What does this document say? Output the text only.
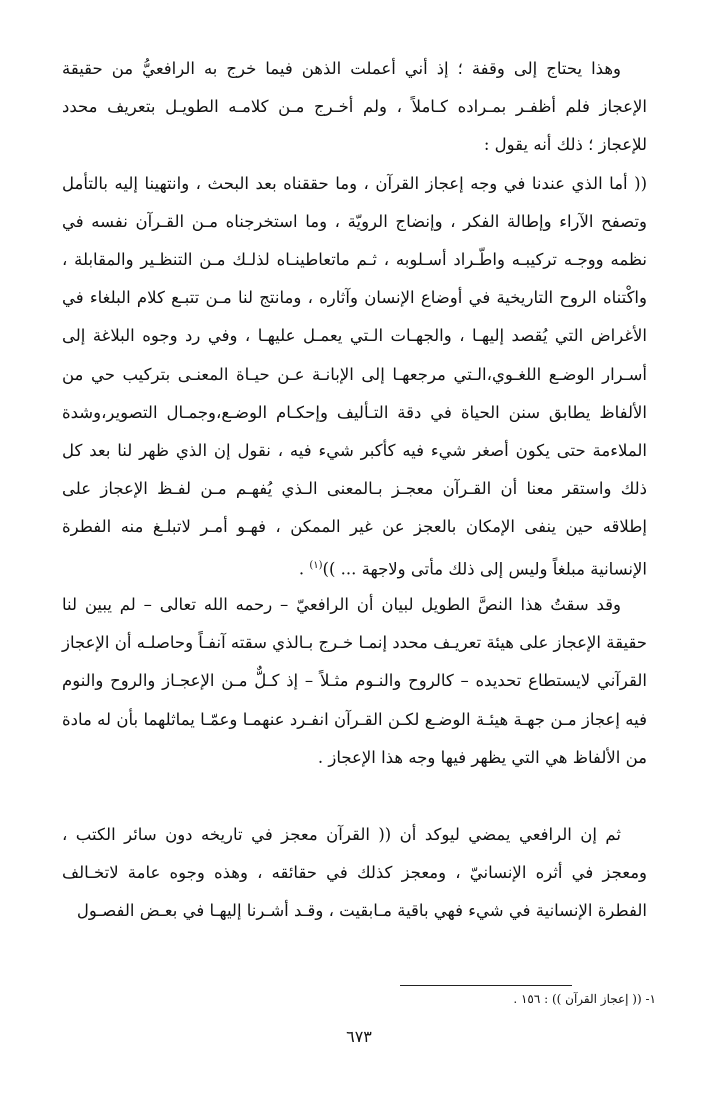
وهذا يحتاج إلى وقفة ؛ إذ أني أعملت الذهن فيما خرج به الرافعيُّ من حقيقة الإعجاز فلم أظفـر بمـراده كـاملاً ، ولم أخـرج مـن كلامـه الطويـل بتعريف محدد للإعجاز ؛ ذلك أنه يقول :
(( أما الذي عندنا في وجه إعجاز القرآن ، وما حققناه بعد البحث ، وانتهينا إليه بالتأمل وتصفح الآراء وإطالة الفكر ، وإنضاج الرويّة ، وما استخرجناه مـن القـرآن نفسه في نظمه ووجـه تركيبـه واطّـراد أسـلوبه ، ثـم ماتعاطينـاه لذلـك مـن التنظـير والمقابلة ، واكْتناه الروح التاريخية في أوضاع الإنسان وآثاره ، ومانتج لنا مـن تتبـع كلام البلغاء في الأغراض التي يُقصد إليهـا ، والجهـات الـتي يعمـل عليهـا ، وفي رد وجوه البلاغة إلى أسـرار الوضـع اللغـوي،الـتي مرجعهـا إلى الإبانـة عـن حيـاة المعنـى بتركيب حي من الألفاظ يطابق سنن الحياة في دقة التـأليف وإحكـام الوضـع،وجمـال التصوير،وشدة الملاءمة حتى يكون أصغر شيء فيه كأكبر شيء فيه ، نقول إن الذي ظهر لنا بعد كل ذلك واستقر معنا أن القـرآن معجـز بـالمعنى الـذي يُفهـم مـن لفـظ الإعجاز على إطلاقه حين ينفى الإمكان بالعجز عن غير الممكن ، فهـو أمـر لاتبلـغ منه الفطرة الإنسانية مبلغاً وليس إلى ذلك مأتى ولاجهة ... ))$^{(١)}$ .

وقد سقتُ هذا النصَّ الطويل لبيان أن الرافعيّ – رحمه الله تعالى – لم يبين لنا حقيقة الإعجاز على هيئة تعريـف محدد إنمـا خـرج بـالذي سقته آنفـاً وحاصلـه أن الإعجاز القرآني لايستطاع تحديده – كالروح والنـوم مثـلاً – إذ كـلٌّ مـن الإعجـاز والروح والنوم فيه إعجاز مـن جهـة هيئـة الوضـع لكـن القـرآن انفـرد عنهمـا وعمّـا يماثلهما بأن له مادة من الألفاظ هي التي يظهر فيها وجه هذا الإعجاز .

ثم إن الرافعي يمضي ليوكد أن (( القرآن معجز في تاريخه دون سائر الكتب ، ومعجز في أثره الإنسانيّ ، ومعجز كذلك في حقائقه ، وهذه وجوه عامة لاتخـالف الفطرة الإنسانية في شيء فهي باقية مـابقيت ، وقـد أشـرنا إليهـا في بعـض الفصـول

١- (( إعجاز القرآن )) : ١٥٦ .
٦٧٣
